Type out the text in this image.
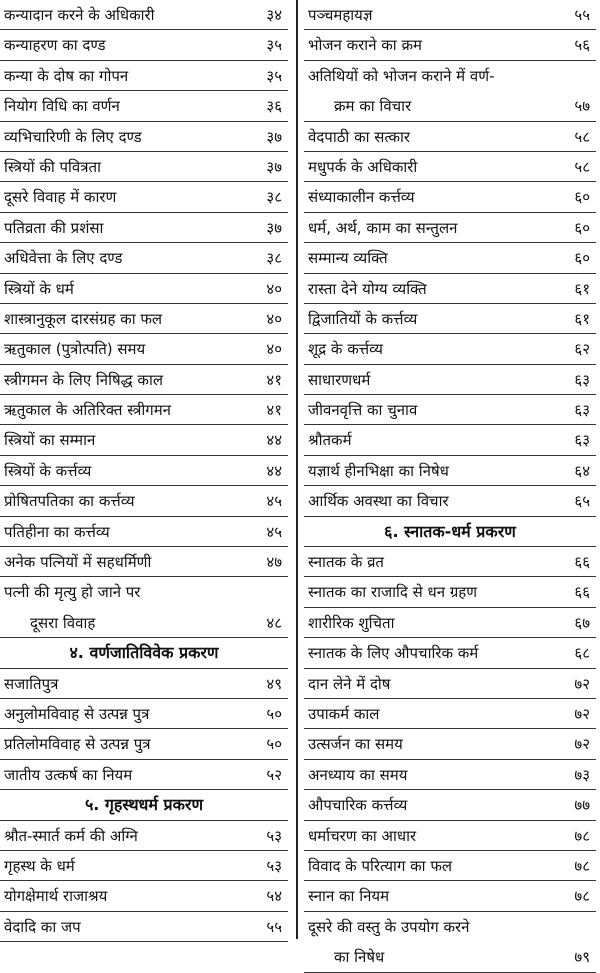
कन्यादान करने के अधिकारी	३४
कन्याहरण का दण्ड	३५
कन्या के दोष का गोपन	३५
नियोग विधि का वर्णन	३६
व्यभिचारिणी के लिए दण्ड	३७
स्त्रियों की पवित्रता	३७
दूसरे विवाह में कारण	३८
पतिव्रता की प्रशंसा	३७
अधिवेत्ता के लिए दण्ड	३८
स्त्रियों के धर्म	४०
शास्त्रानुकूल दारसंग्रह का फल	४०
ऋतुकाल (पुत्रोत्पति) समय	४०
स्त्रीगमन के लिए निषिद्ध काल	४१
ऋतुकाल के अतिरिक्त स्त्रीगमन	४१
स्त्रियों का सम्मान	४४
स्त्रियों के कर्त्तव्य	४४
प्रोषितपतिका का कर्त्तव्य	४५
पतिहीना का कर्त्तव्य	४५
अनेक पत्नियों में सहधर्मिणी	४७
पत्नी की मृत्यु हो जाने पर
दूसरा विवाह	४८
४. वर्णजातिविवेक प्रकरण
सजातिपुत्र	४९
अनुलोमविवाह से उत्पन्न पुत्र	५०
प्रतिलोमविवाह से उत्पन्न पुत्र	५०
जातीय उत्कर्ष का नियम	५२
५. गृहस्थधर्म प्रकरण
श्रौत-स्मार्त कर्म की अग्नि	५३
गृहस्थ के धर्म	५३
योगक्षेमार्थ राजाश्रय	५४
वेदादि का जप	५५
पञ्चमहायज्ञ	५५
भोजन कराने का क्रम	५६
अतिथियों को भोजन कराने में वर्ण-
क्रम का विचार	५७
वेदपाठी का सत्कार	५८
मधुपर्क के अधिकारी	५८
संध्याकालीन कर्त्तव्य	६०
धर्म, अर्थ, काम का सन्तुलन	६०
सम्मान्य व्यक्ति	६०
रास्ता देने योग्य व्यक्ति	६१
द्विजातियों के कर्त्तव्य	६१
शूद्र के कर्त्तव्य	६२
साधारणधर्म	६३
जीवनवृत्ति का चुनाव	६३
श्रौतकर्म	६३
यज्ञार्थ हीनभिक्षा का निषेध	६४
आर्थिक अवस्था का विचार	६५
६. स्नातक-धर्म प्रकरण
स्नातक के व्रत	६६
स्नातक का राजादि से धन ग्रहण	६६
शारीरिक शुचिता	६७
स्नातक के लिए औपचारिक कर्म	६८
दान लेने में दोष	७२
उपाकर्म काल	७२
उत्सर्जन का समय	७२
अनध्याय का समय	७३
औपचारिक कर्त्तव्य	७७
धर्माचरण का आधार	७८
विवाद के परित्याग का फल	७८
स्नान का नियम	७८
दूसरे की वस्तु के उपयोग करने
का निषेध	७९
